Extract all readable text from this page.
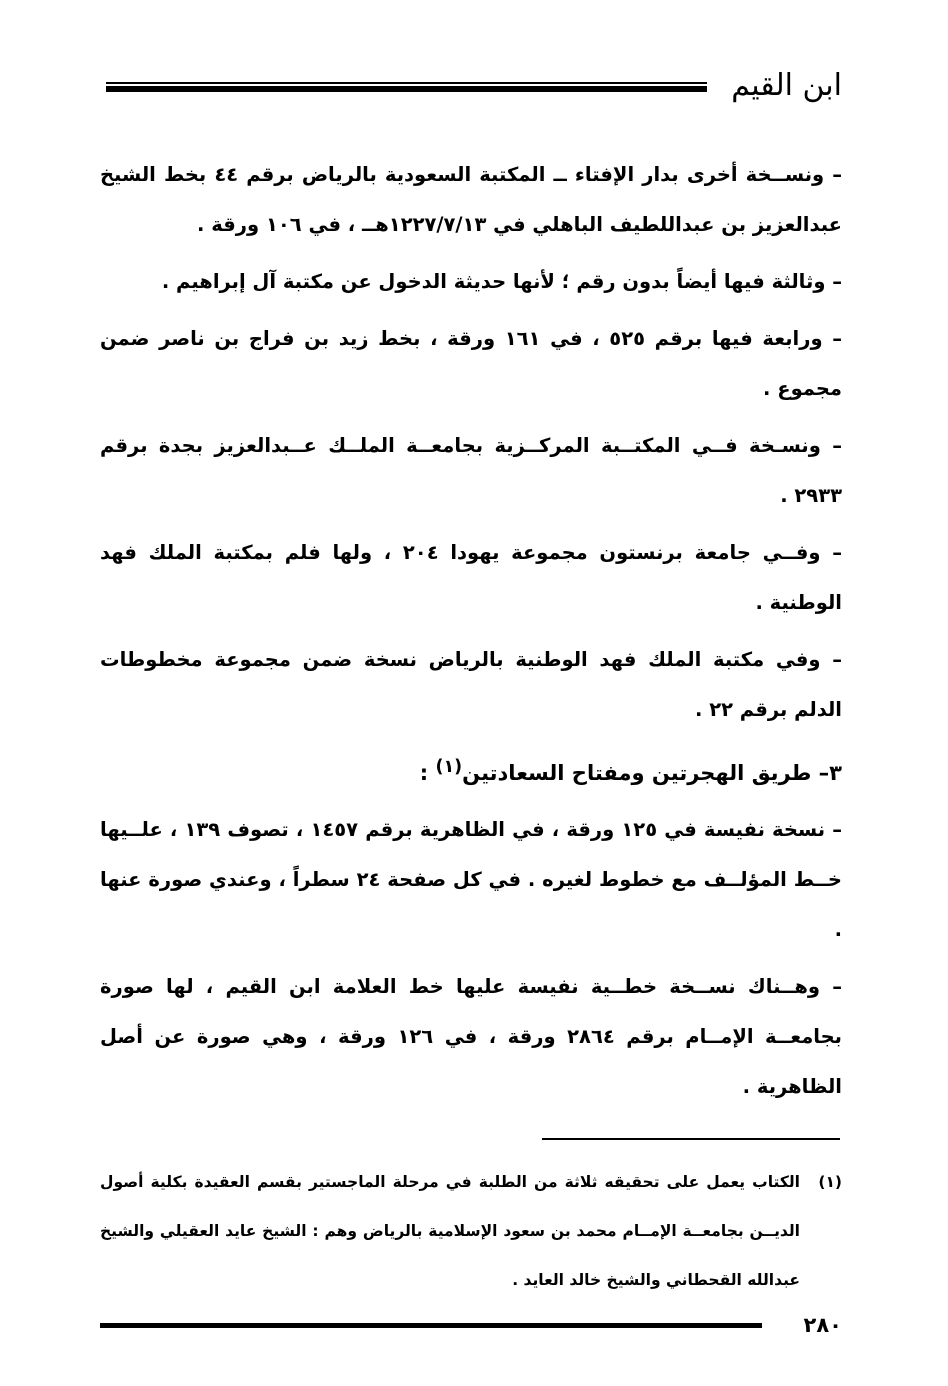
ابن القيم

– ونســخة أخرى بدار الإفتاء ــ المكتبة السعودية بالرياض برقم ٤٤ بخط الشيخ عبدالعزيز بن عبداللطيف الباهلي في ١٢٢٧/٧/١٣هــ ، في ١٠٦ ورقة .

– وثالثة فيها أيضاً بدون رقم ؛ لأنها حديثة الدخول عن مكتبة آل إبراهيم .

– ورابعة فيها برقم ٥٢٥ ، في ١٦١ ورقة ، بخط زيد بن فراج بن ناصر ضمن مجموع .

– ونسـخة فــي المكتــبة المركــزية بجامعــة الملــك عــبدالعزيز بجدة برقم ٢٩٣٣ .

– وفــي جامعة برنستون مجموعة يهودا ٢٠٤ ، ولها فلم بمكتبة الملك فهد الوطنية .

– وفي مكتبة الملك فهد الوطنية بالرياض نسخة ضمن مجموعة مخطوطات الدلم برقم ٢٢ .

٣– طريق الهجرتين ومفتاح السعادتين$^{(١)}$ :

– نسخة نفيسة في ١٢٥ ورقة ، في الظاهرية برقم ١٤٥٧ ، تصوف ١٣٩ ، علــيها خــط المؤلــف مع خطوط لغيره . في كل صفحة ٢٤ سطراً ، وعندي صورة عنها .

– وهــناك نســخة خطــية نفيسة عليها خط العلامة ابن القيم ، لها صورة بجامعــة الإمــام برقم ٢٨٦٤ ورقة ، في ١٢٦ ورقة ، وهي صورة عن أصل الظاهرية .

(١)
الكتاب يعمل على تحقيقه ثلاثة من الطلبة في مرحلة الماجستير بقسم العقيدة بكلية أصول الديــن بجامعــة الإمــام محمد بن سعود الإسلامية بالرياض وهم : الشيخ عايد العقيلي والشيخ عبدالله القحطاني والشيخ خالد العايد .

٢٨٠
